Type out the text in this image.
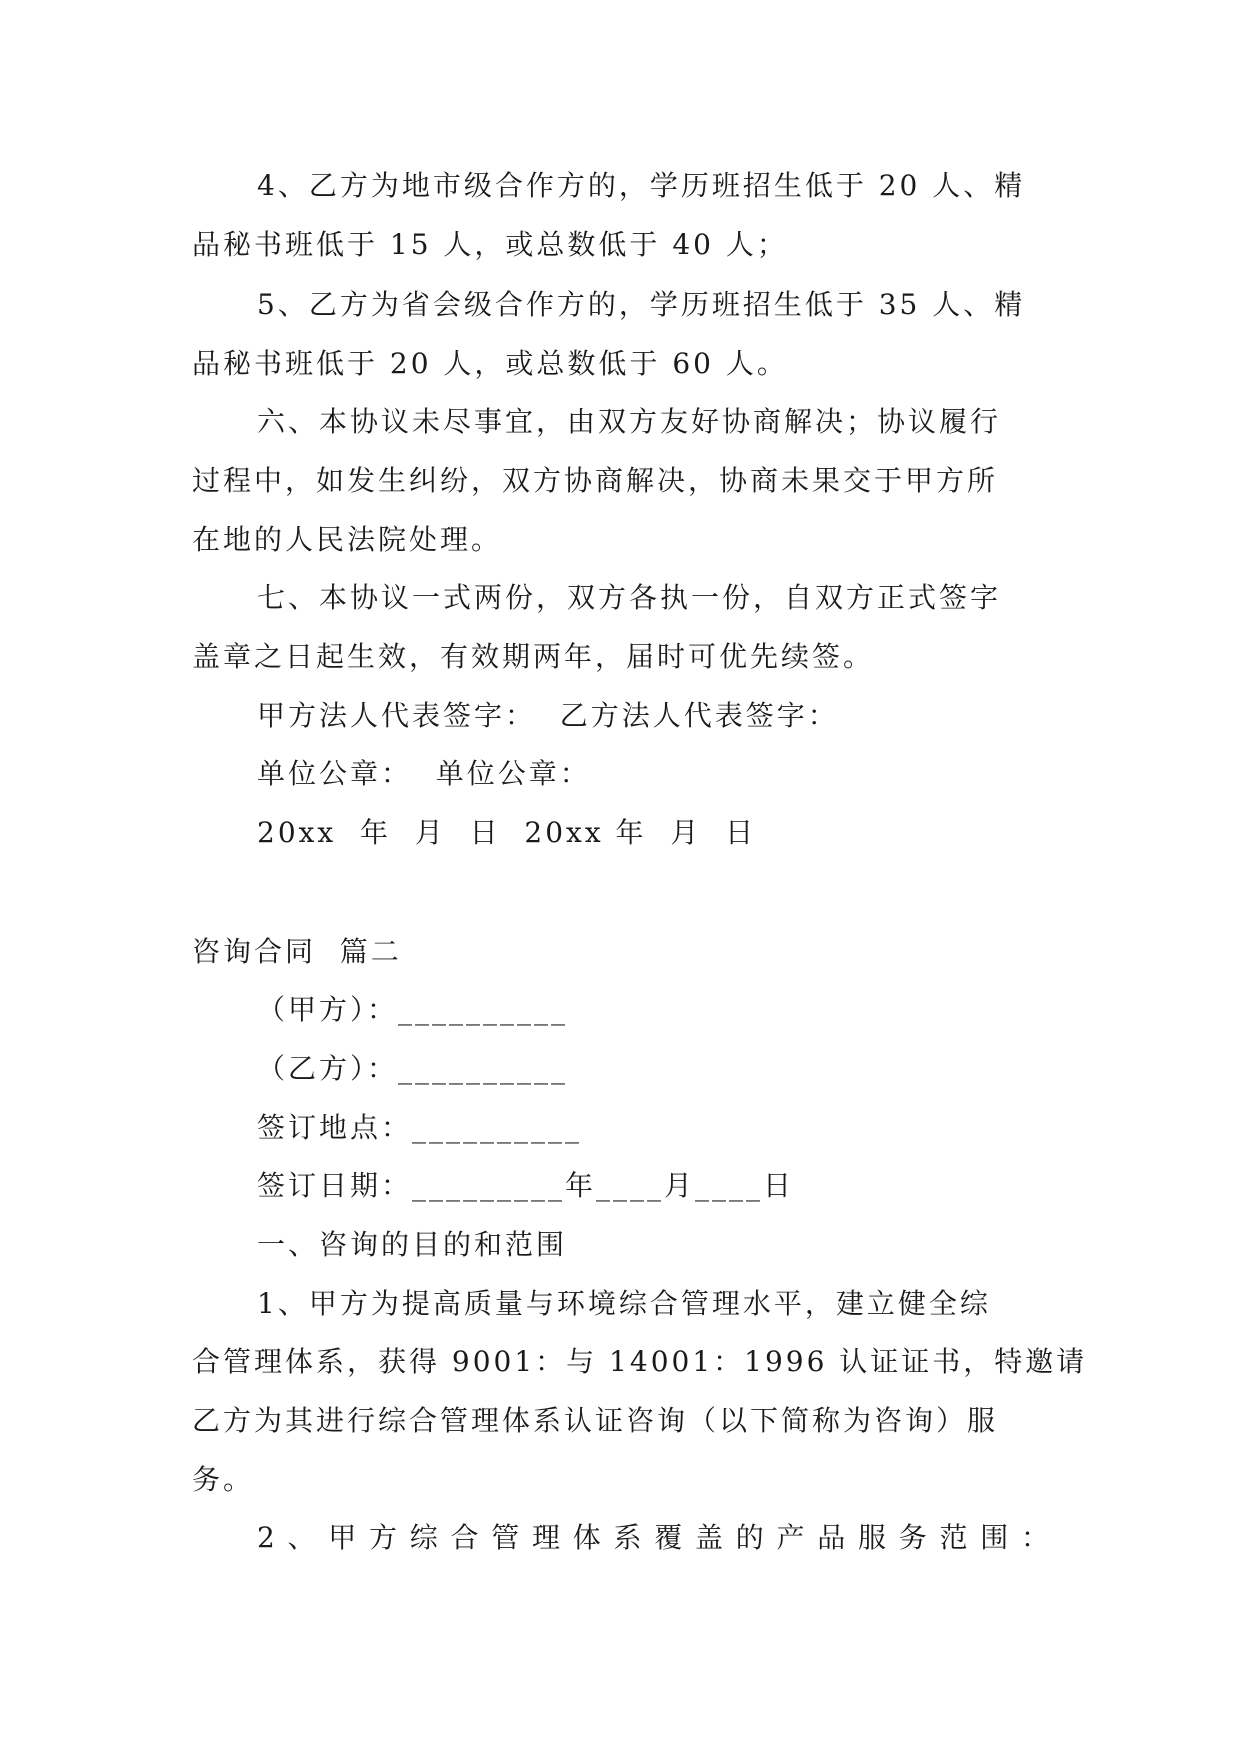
4、乙方为地市级合作方的，学历班招生低于 20 人、精
品秘书班低于 15 人，或总数低于 40 人；
5、乙方为省会级合作方的，学历班招生低于 35 人、精
品秘书班低于 20 人，或总数低于 60 人。
六、本协议未尽事宜，由双方友好协商解决；协议履行
过程中，如发生纠纷，双方协商解决，协商未果交于甲方所
在地的人民法院处理。
七、本协议一式两份，双方各执一份，自双方正式签字
盖章之日起生效，有效期两年，届时可优先续签。
甲方法人代表签字：  乙方法人代表签字：
单位公章：  单位公章：
20xx  年  月  日  20xx 年  月  日
咨询合同  篇二
（甲方）：__________
（乙方）：__________
签订地点：__________
签订日期：_________年____月____日
一、咨询的目的和范围
1、甲方为提高质量与环境综合管理水平，建立健全综
合管理体系，获得 9001：与 14001：1996 认证证书，特邀请
乙方为其进行综合管理体系认证咨询（以下简称为咨询）服
务。
2、甲方综合管理体系覆盖的产品服务范围：
